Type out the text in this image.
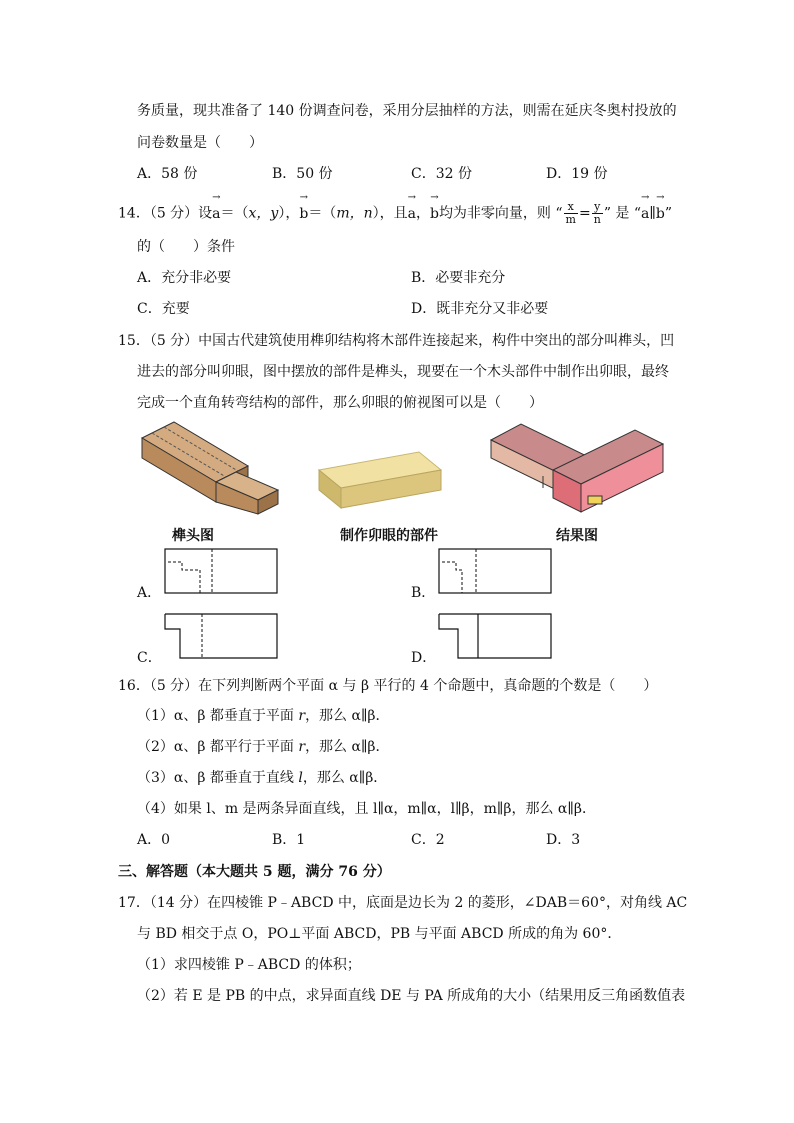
务质量，现共准备了 140 份调查问卷，采用分层抽样的方法，则需在延庆冬奥村投放的
问卷数量是（　　）
A．58 份	B．50 份	C．32 份	D．19 份
14．（5 分）设→ a＝（x，y），→ b＝（m，n），且→ a，→ b均为非零向量，则 “ $\frac{x}{m} = \frac{y}{n}$ ” 是 “→ a∥→ b”
的（　　）条件
A．充分非必要	B．必要非充分
C．充要	D．既非充分又非必要
15．（5 分）中国古代建筑使用榫卯结构将木部件连接起来，构件中突出的部分叫榫头，凹
进去的部分叫卯眼，图中摆放的部件是榫头，现要在一个木头部件中制作出卯眼，最终
完成一个直角转弯结构的部件，那么卯眼的俯视图可以是（　　）
榫头图	制作卯眼的部件	结果图
A．	B．
C．	D．
16．（5 分）在下列判断两个平面 α 与 β 平行的 4 个命题中，真命题的个数是（　　）
（1）α、β 都垂直于平面 r，那么 α∥β．
（2）α、β 都平行于平面 r，那么 α∥β．
（3）α、β 都垂直于直线 l，那么 α∥β．
（4）如果 l、m 是两条异面直线，且 l∥α，m∥α，l∥β，m∥β，那么 α∥β．
A．0	B．1	C．2	D．3
三、解答题（本大题共 5 题，满分 76 分）
17．（14 分）在四棱锥 P﹣ABCD 中，底面是边长为 2 的菱形，∠DAB＝60°，对角线 AC
与 BD 相交于点 O，PO⊥平面 ABCD，PB 与平面 ABCD 所成的角为 60°．
（1）求四棱锥 P﹣ABCD 的体积；
（2）若 E 是 PB 的中点，求异面直线 DE 与 PA 所成角的大小（结果用反三角函数值表
